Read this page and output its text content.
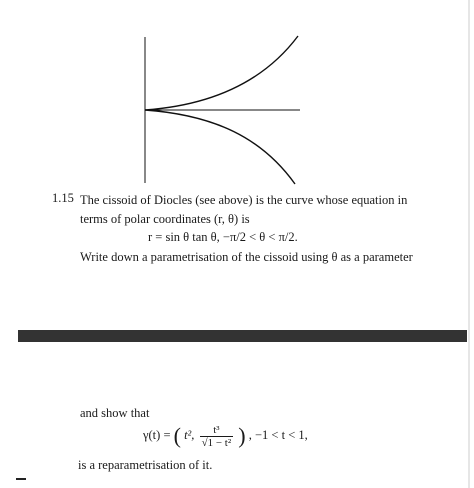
1.15 The cissoid of Diocles (see above) is the curve whose equation in
terms of polar coordinates (r, θ) is
r = sin θ tan θ, −π/2 < θ < π/2.
Write down a parametrisation of the cissoid using θ as a parameter
and show that
γ(t) = ( t², $\frac{\text{t³}}{\text{√1 − t²}}$ ) , −1 < t < 1,
is a reparametrisation of it.
